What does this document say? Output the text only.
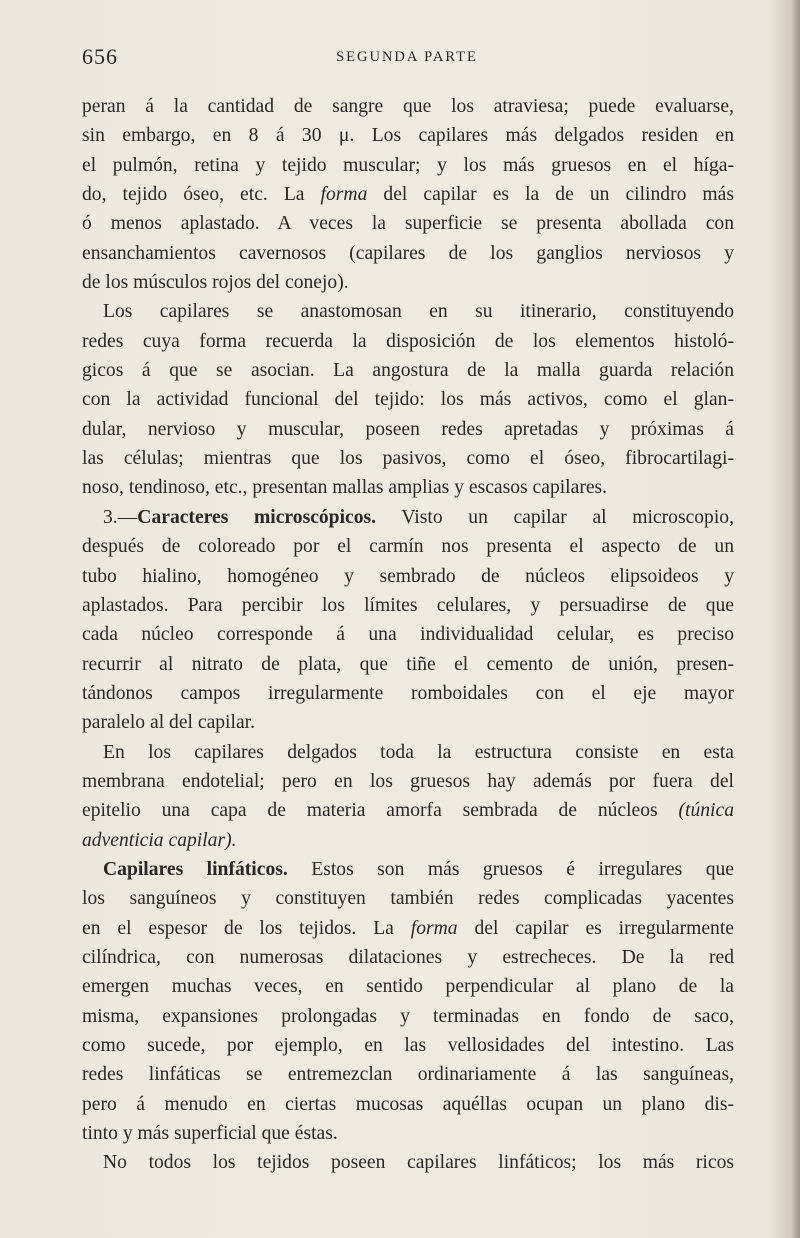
656	SEGUNDA PARTE
peran á la cantidad de sangre que los atraviesa; puede evaluarse,
sin embargo, en 8 á 30 μ. Los capilares más delgados residen en
el pulmón, retina y tejido muscular; y los más gruesos en el híga-
do, tejido óseo, etc. La forma del capilar es la de un cilindro más
ó menos aplastado. A veces la superficie se presenta abollada con
ensanchamientos cavernosos (capilares de los ganglios nerviosos y
de los músculos rojos del conejo).
Los capilares se anastomosan en su itinerario, constituyendo
redes cuya forma recuerda la disposición de los elementos histoló-
gicos á que se asocian. La angostura de la malla guarda relación
con la actividad funcional del tejido: los más activos, como el glan-
dular, nervioso y muscular, poseen redes apretadas y próximas á
las células; mientras que los pasivos, como el óseo, fibrocartilagi-
noso, tendinoso, etc., presentan mallas amplias y escasos capilares.
3.—Caracteres microscópicos. Visto un capilar al microscopio,
después de coloreado por el carmín nos presenta el aspecto de un
tubo hialino, homogéneo y sembrado de núcleos elipsoideos y
aplastados. Para percibir los límites celulares, y persuadirse de que
cada núcleo corresponde á una individualidad celular, es preciso
recurrir al nitrato de plata, que tiñe el cemento de unión, presen-
tándonos campos irregularmente romboidales con el eje mayor
paralelo al del capilar.
En los capilares delgados toda la estructura consiste en esta
membrana endotelial; pero en los gruesos hay además por fuera del
epitelio una capa de materia amorfa sembrada de núcleos (túnica
adventicia capilar).
Capilares linfáticos. Estos son más gruesos é irregulares que
los sanguíneos y constituyen también redes complicadas yacentes
en el espesor de los tejidos. La forma del capilar es irregularmente
cilíndrica, con numerosas dilataciones y estrecheces. De la red
emergen muchas veces, en sentido perpendicular al plano de la
misma, expansiones prolongadas y terminadas en fondo de saco,
como sucede, por ejemplo, en las vellosidades del intestino. Las
redes linfáticas se entremezclan ordinariamente á las sanguíneas,
pero á menudo en ciertas mucosas aquéllas ocupan un plano dis-
tinto y más superficial que éstas.
No todos los tejidos poseen capilares linfáticos; los más ricos
